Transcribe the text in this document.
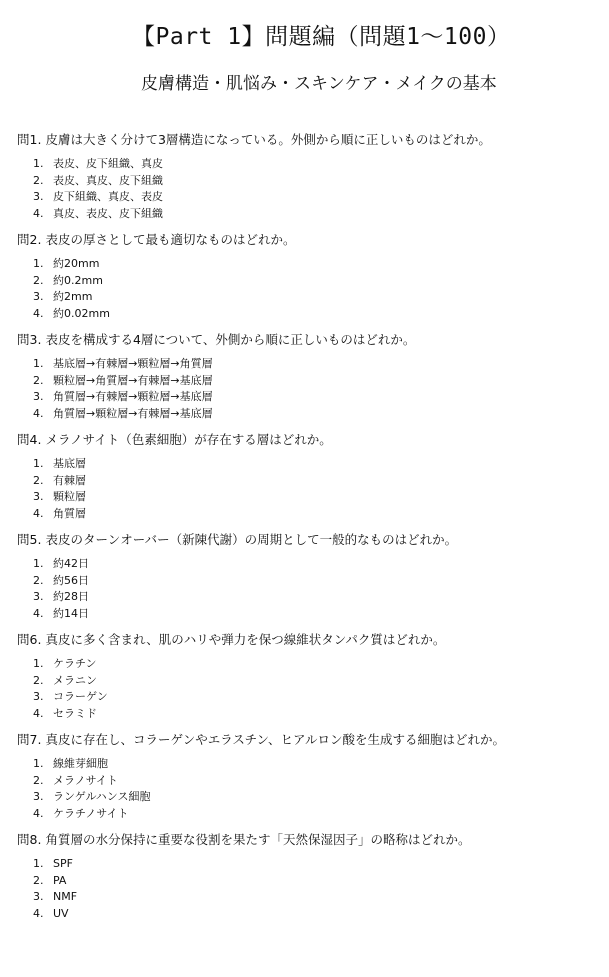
【Part 1】問題編（問題1〜100）
皮膚構造・肌悩み・スキンケア・メイクの基本
問1. 皮膚は大きく分けて3層構造になっている。外側から順に正しいものはどれか。
1. 表皮、皮下組織、真皮
2. 表皮、真皮、皮下組織
3. 皮下組織、真皮、表皮
4. 真皮、表皮、皮下組織
問2. 表皮の厚さとして最も適切なものはどれか。
1. 約20mm
2. 約0.2mm
3. 約2mm
4. 約0.02mm
問3. 表皮を構成する4層について、外側から順に正しいものはどれか。
1. 基底層→有棘層→顆粒層→角質層
2. 顆粒層→角質層→有棘層→基底層
3. 角質層→有棘層→顆粒層→基底層
4. 角質層→顆粒層→有棘層→基底層
問4. メラノサイト（色素細胞）が存在する層はどれか。
1. 基底層
2. 有棘層
3. 顆粒層
4. 角質層
問5. 表皮のターンオーバー（新陳代謝）の周期として一般的なものはどれか。
1. 約42日
2. 約56日
3. 約28日
4. 約14日
問6. 真皮に多く含まれ、肌のハリや弾力を保つ線維状タンパク質はどれか。
1. ケラチン
2. メラニン
3. コラーゲン
4. セラミド
問7. 真皮に存在し、コラーゲンやエラスチン、ヒアルロン酸を生成する細胞はどれか。
1. 線維芽細胞
2. メラノサイト
3. ランゲルハンス細胞
4. ケラチノサイト
問8. 角質層の水分保持に重要な役割を果たす「天然保湿因子」の略称はどれか。
1. SPF
2. PA
3. NMF
4. UV
